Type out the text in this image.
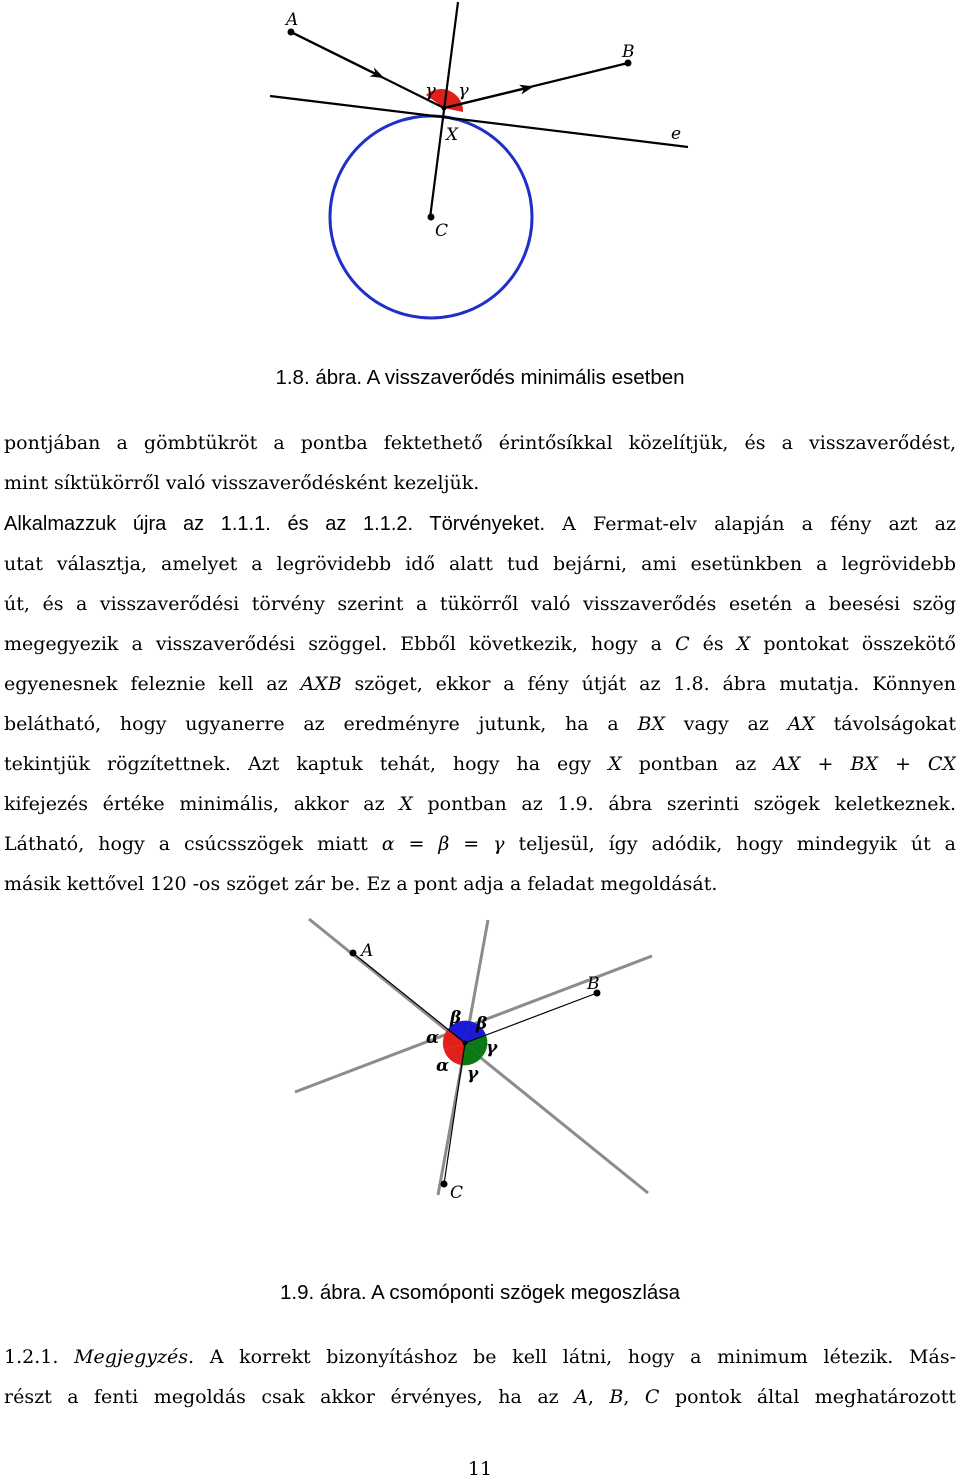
A
B
X
C
e
γ γ
1.8. ábra. A visszaverődés minimális esetben
pontjában a gömbtükröt a pontba fektethető érintősíkkal közelítjük, és a visszaverődést,
mint síktükörről való visszaverődésként kezeljük.
Alkalmazzuk újra az 1.1.1. és az 1.1.2. Törvényeket. A Fermat-elv alapján a fény azt az
utat választja, amelyet a legrövidebb idő alatt tud bejárni, ami esetünkben a legrövidebb
út, és a visszaverődési törvény szerint a tükörről való visszaverődés esetén a beesési szög
megegyezik a visszaverődési szöggel. Ebből következik, hogy a C és X pontokat összekötő
egyenesnek feleznie kell az AXB szöget, ekkor a fény útját az 1.8. ábra mutatja. Könnyen
belátható, hogy ugyanerre az eredményre jutunk, ha a BX vagy az AX távolságokat
tekintjük rögzítettnek. Azt kaptuk tehát, hogy ha egy X pontban az AX + BX + CX
kifejezés értéke minimális, akkor az X pontban az 1.9. ábra szerinti szögek keletkeznek.
Látható, hogy a csúcsszögek miatt α = β = γ teljesül, így adódik, hogy mindegyik út a
másik kettővel 120 -os szöget zár be. Ez a pont adja a feladat megoldását.
A
B
C
α
α
β β
γ
γ
1.9. ábra. A csomóponti szögek megoszlása
1.2.1. Megjegyzés. A korrekt bizonyításhoz be kell látni, hogy a minimum létezik. Más-
részt a fenti megoldás csak akkor érvényes, ha az A, B, C pontok által meghatározott
11
